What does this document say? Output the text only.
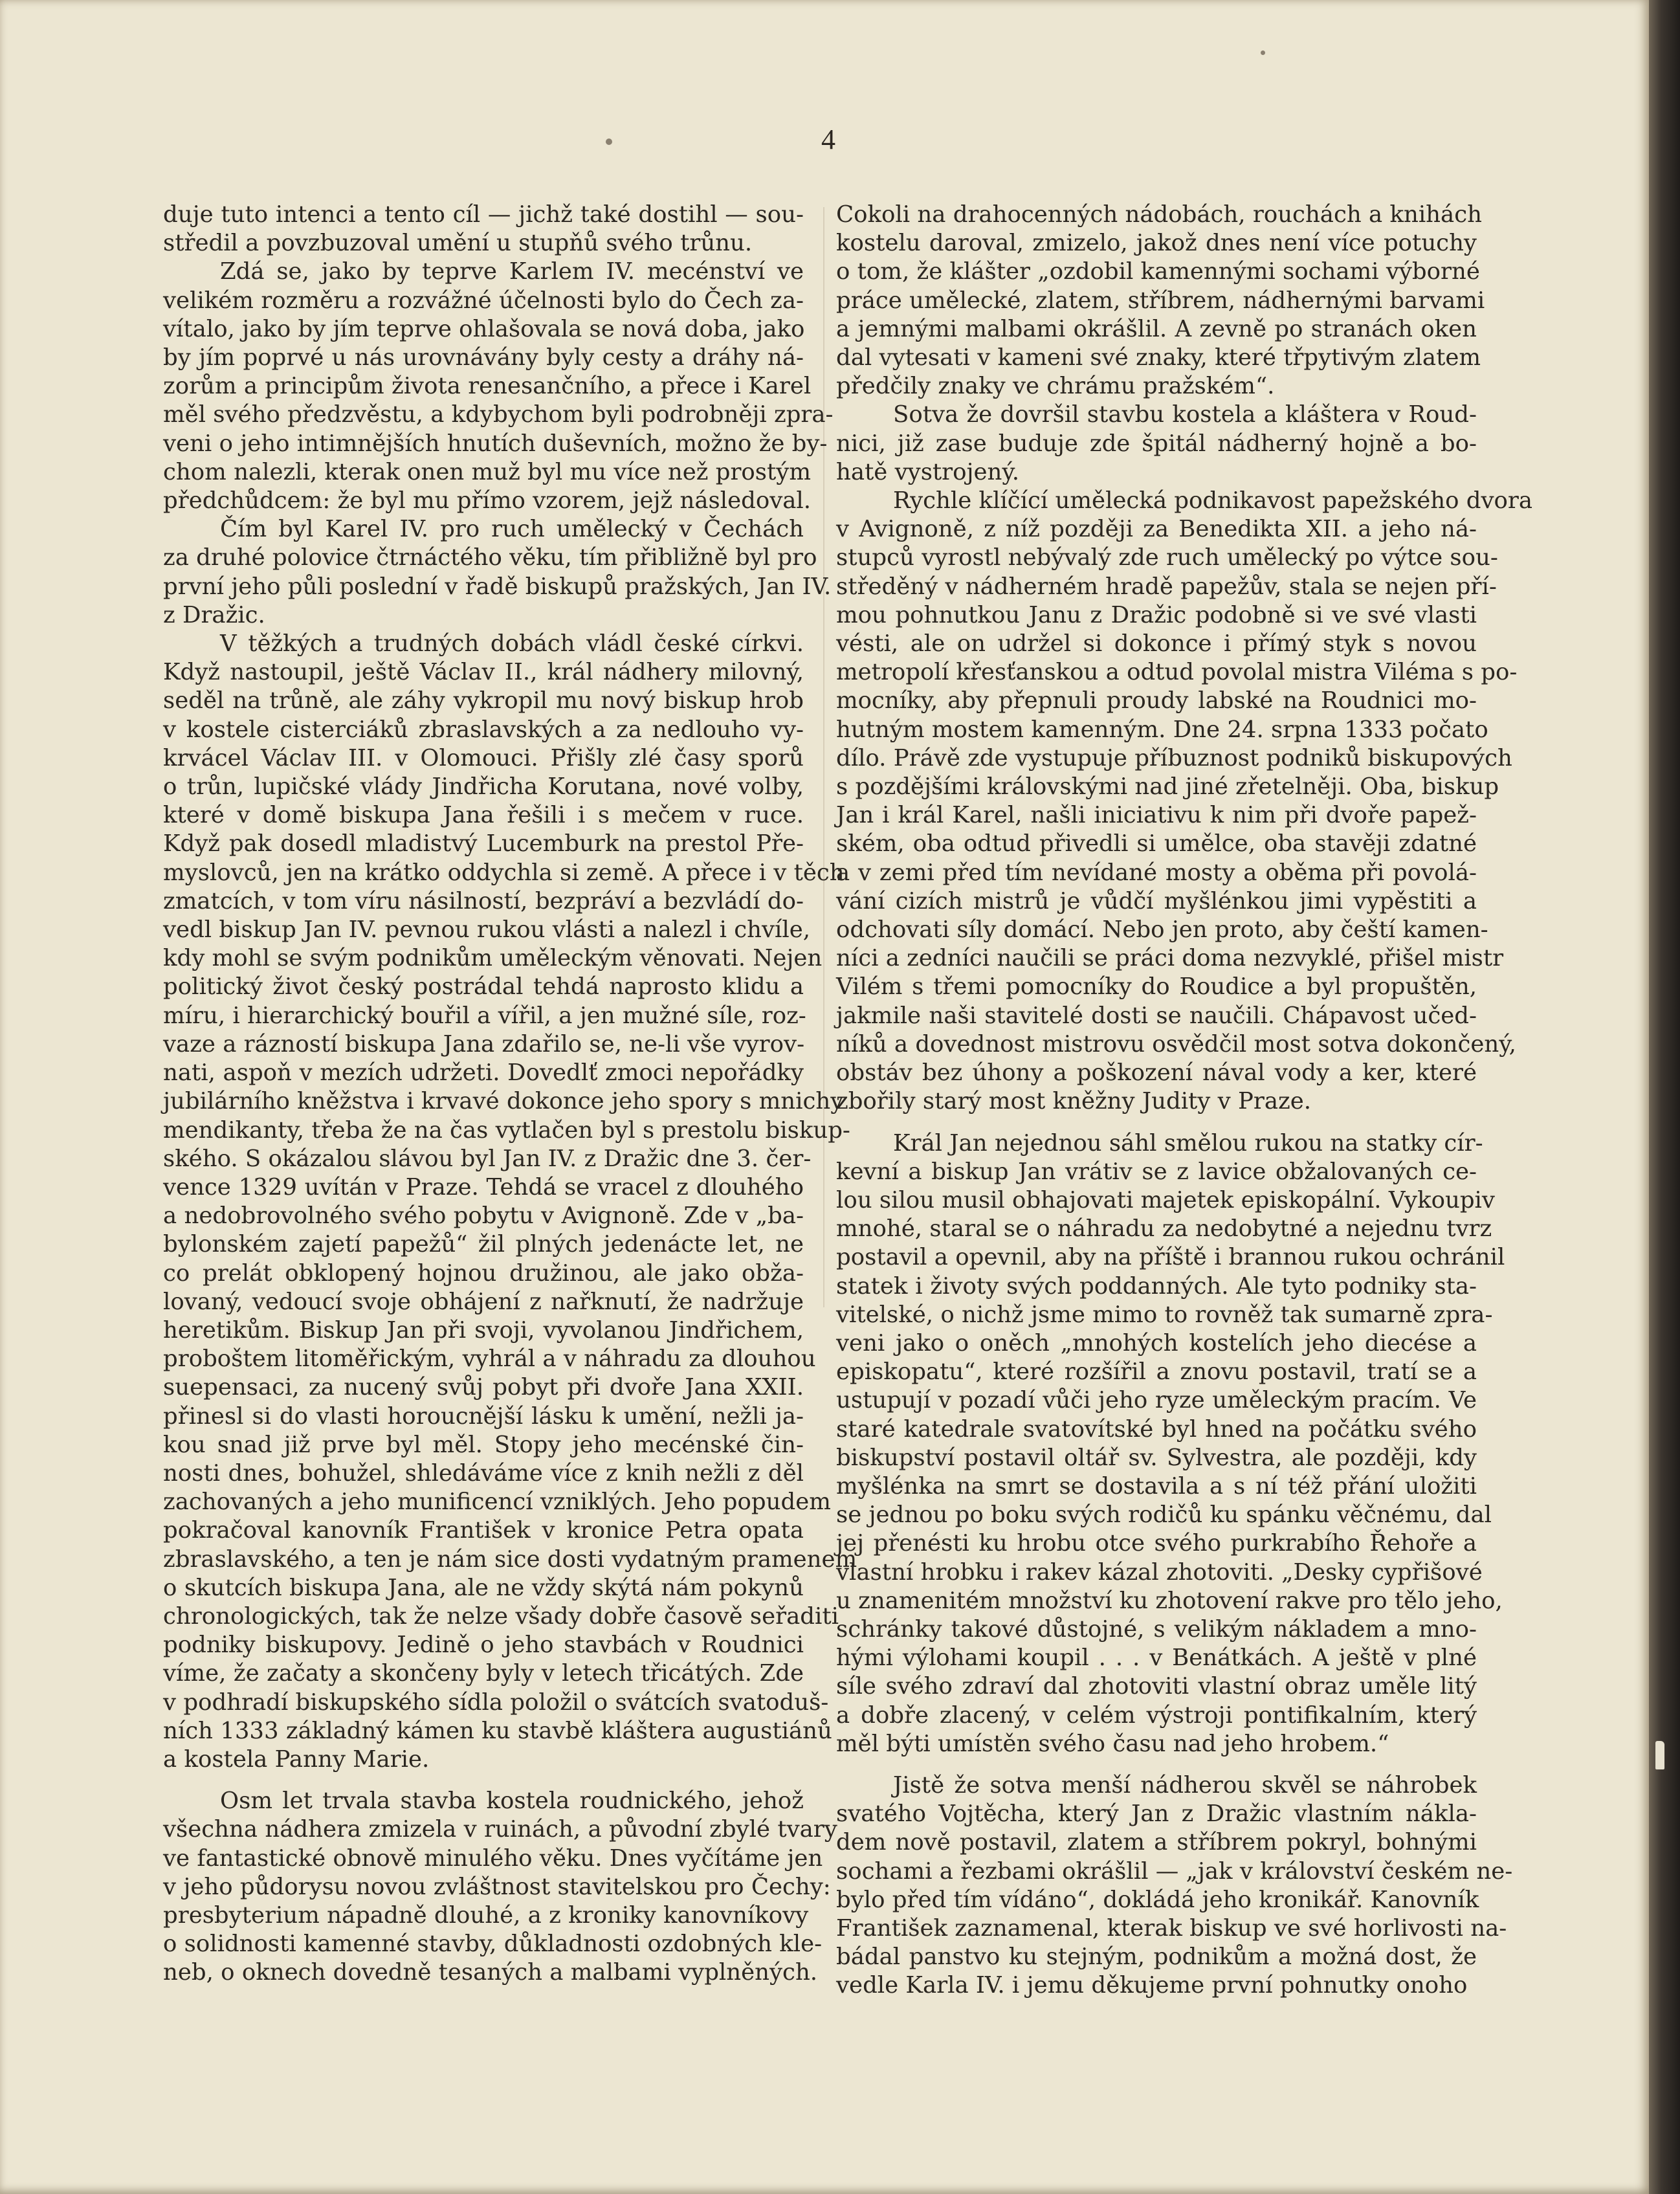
4
duje tuto intenci a tento cíl — jichž také dostihl — sou-
středil a povzbuzoval umění u stupňů svého trůnu.
Zdá se, jako by teprve Karlem IV. mecénství ve
velikém rozměru a rozvážné účelnosti bylo do Čech za-
vítalo, jako by jím teprve ohlašovala se nová doba, jako
by jím poprvé u nás urovnávány byly cesty a dráhy ná-
zorům a principům života renesančního, a přece i Karel
měl svého předzvěstu, a kdybychom byli podrobněji zpra-
veni o jeho intimnějších hnutích duševních, možno že by-
chom nalezli, kterak onen muž byl mu více než prostým
předchůdcem: že byl mu přímo vzorem, jejž následoval.
Čím byl Karel IV. pro ruch umělecký v Čechách
za druhé polovice čtrnáctého věku, tím přibližně byl pro
první jeho půli poslední v řadě biskupů pražských, Jan IV.
z Dražic.
V těžkých a trudných dobách vládl české církvi.
Když nastoupil, ještě Václav II., král nádhery milovný,
seděl na trůně, ale záhy vykropil mu nový biskup hrob
v kostele cisterciáků zbraslavských a za nedlouho vy-
krvácel Václav III. v Olomouci. Přišly zlé časy sporů
o trůn, lupičské vlády Jindřicha Korutana, nové volby,
které v domě biskupa Jana řešili i s mečem v ruce.
Když pak dosedl mladistvý Lucemburk na prestol Pře-
myslovců, jen na krátko oddychla si země. A přece i v těch
zmatcích, v tom víru násilností, bezpráví a bezvládí do-
vedl biskup Jan IV. pevnou rukou vlásti a nalezl i chvíle,
kdy mohl se svým podnikům uměleckým věnovati. Nejen
politický život český postrádal tehdá naprosto klidu a
míru, i hierarchický bouřil a vířil, a jen mužné síle, roz-
vaze a rázností biskupa Jana zdařilo se, ne-li vše vyrov-
nati, aspoň v mezích udržeti. Dovedlť zmoci nepořádky
jubilárního kněžstva i krvavé dokonce jeho spory s mnichy
mendikanty, třeba že na čas vytlačen byl s prestolu biskup-
ského. S okázalou slávou byl Jan IV. z Dražic dne 3. čer-
vence 1329 uvítán v Praze. Tehdá se vracel z dlouhého
a nedobrovolného svého pobytu v Avignoně. Zde v „ba-
bylonském zajetí papežů“ žil plných jedenácte let, ne
co prelát obklopený hojnou družinou, ale jako obža-
lovaný, vedoucí svoje obhájení z nařknutí, že nadržuje
heretikům. Biskup Jan při svoji, vyvolanou Jindřichem,
proboštem litoměřickým, vyhrál a v náhradu za dlouhou
suepensaci, za nucený svůj pobyt při dvoře Jana XXII.
přinesl si do vlasti horoucnější lásku k umění, nežli ja-
kou snad již prve byl měl. Stopy jeho mecénské čin-
nosti dnes, bohužel, shledáváme více z knih nežli z děl
zachovaných a jeho munificencí vzniklých. Jeho popudem
pokračoval kanovník František v kronice Petra opata
zbraslavského, a ten je nám sice dosti vydatným pramenem
o skutcích biskupa Jana, ale ne vždy skýtá nám pokynů
chronologických, tak že nelze všady dobře časově seřaditi
podniky biskupovy. Jedině o jeho stavbách v Roudnici
víme, že začaty a skončeny byly v letech třicátých. Zde
v podhradí biskupského sídla položil o svátcích svatoduš-
ních 1333 základný kámen ku stavbě kláštera augustiánů
a kostela Panny Marie.
Osm let trvala stavba kostela roudnického, jehož
všechna nádhera zmizela v ruinách, a původní zbylé tvary
ve fantastické obnově minulého věku. Dnes vyčítáme jen
v jeho půdorysu novou zvláštnost stavitelskou pro Čechy:
presbyterium nápadně dlouhé, a z kroniky kanovníkovy
o solidnosti kamenné stavby, důkladnosti ozdobných kle-
neb, o oknech dovedně tesaných a malbami vyplněných.
Cokoli na drahocenných nádobách, rouchách a knihách
kostelu daroval, zmizelo, jakož dnes není více potuchy
o tom, že klášter „ozdobil kamennými sochami výborné
práce umělecké, zlatem, stříbrem, nádhernými barvami
a jemnými malbami okrášlil. A zevně po stranách oken
dal vytesati v kameni své znaky, které třpytivým zlatem
předčily znaky ve chrámu pražském“.
Sotva že dovršil stavbu kostela a kláštera v Roud-
nici, již zase buduje zde špitál nádherný hojně a bo-
hatě vystrojený.
Rychle klíčící umělecká podnikavost papežského dvora
v Avignoně, z níž později za Benedikta XII. a jeho ná-
stupců vyrostl nebývalý zde ruch umělecký po výtce sou-
středěný v nádherném hradě papežův, stala se nejen pří-
mou pohnutkou Janu z Dražic podobně si ve své vlasti
vésti, ale on udržel si dokonce i přímý styk s novou
metropolí křesťanskou a odtud povolal mistra Viléma s po-
mocníky, aby přepnuli proudy labské na Roudnici mo-
hutným mostem kamenným. Dne 24. srpna 1333 počato
dílo. Právě zde vystupuje příbuznost podniků biskupových
s pozdějšími královskými nad jiné zřetelněji. Oba, biskup
Jan i král Karel, našli iniciativu k nim při dvoře papež-
ském, oba odtud přivedli si umělce, oba stavěji zdatné
a v zemi před tím nevídané mosty a oběma při povolá-
vání cizích mistrů je vůdčí myšlénkou jimi vypěstiti a
odchovati síly domácí. Nebo jen proto, aby čeští kamen-
níci a zedníci naučili se práci doma nezvyklé, přišel mistr
Vilém s třemi pomocníky do Roudice a byl propuštěn,
jakmile naši stavitelé dosti se naučili. Chápavost učed-
níků a dovednost mistrovu osvědčil most sotva dokončený,
obstáv bez úhony a poškození nával vody a ker, které
zbořily starý most kněžny Judity v Praze.
Král Jan nejednou sáhl smělou rukou na statky cír-
kevní a biskup Jan vrátiv se z lavice obžalovaných ce-
lou silou musil obhajovati majetek episkopální. Vykoupiv
mnohé, staral se o náhradu za nedobytné a nejednu tvrz
postavil a opevnil, aby na příště i brannou rukou ochránil
statek i životy svých poddanných. Ale tyto podniky sta-
vitelské, o nichž jsme mimo to rovněž tak sumarně zpra-
veni jako o oněch „mnohých kostelích jeho diecése a
episkopatu“, které rozšířil a znovu postavil, tratí se a
ustupují v pozadí vůči jeho ryze uměleckým pracím. Ve
staré katedrale svatovítské byl hned na počátku svého
biskupství postavil oltář sv. Sylvestra, ale později, kdy
myšlénka na smrt se dostavila a s ní též přání uložiti
se jednou po boku svých rodičů ku spánku věčnému, dal
jej přenésti ku hrobu otce svého purkrabího Řehoře a
vlastní hrobku i rakev kázal zhotoviti. „Desky cypřišové
u znamenitém množství ku zhotovení rakve pro tělo jeho,
schránky takové důstojné, s velikým nákladem a mno-
hými výlohami koupil . . . v Benátkách. A ještě v plné
síle svého zdraví dal zhotoviti vlastní obraz uměle litý
a dobře zlacený, v celém výstroji pontifikalním, který
měl býti umístěn svého času nad jeho hrobem.“
Jistě že sotva menší nádherou skvěl se náhrobek
svatého Vojtěcha, který Jan z Dražic vlastním nákla-
dem nově postavil, zlatem a stříbrem pokryl, bohnými
sochami a řezbami okrášlil — „jak v království českém ne-
bylo před tím vídáno“, dokládá jeho kronikář. Kanovník
František zaznamenal, kterak biskup ve své horlivosti na-
bádal panstvo ku stejným, podnikům a možná dost, že
vedle Karla IV. i jemu děkujeme první pohnutky onoho
